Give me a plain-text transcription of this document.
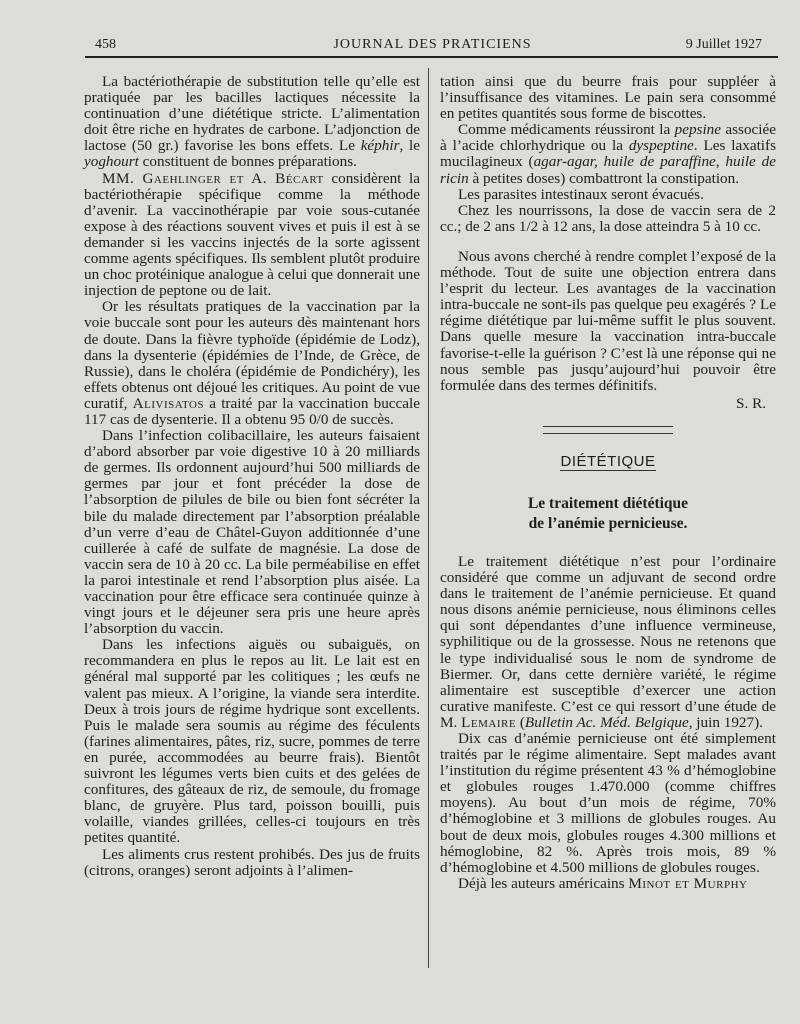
458	JOURNAL DES PRATICIENS	9 Juillet 1927

La bactériothérapie de substitution telle qu’elle est pratiquée par les bacilles lactiques nécessite la continuation d’une diététique stricte. L’alimentation doit être riche en hydrates de carbone. L’adjonction de lactose (50 gr.) favorise les bons effets. Le képhir, le yoghourt constituent de bonnes préparations.

MM. Gaehlinger et A. Bécart considèrent la bactériothérapie spécifique comme la méthode d’avenir. La vaccinothérapie par voie sous-cutanée expose à des réactions souvent vives et puis il est à se demander si les vaccins injectés de la sorte agissent comme agents spécifiques. Ils semblent plutôt produire un choc protéinique analogue à celui que donnerait une injection de peptone ou de lait.

Or les résultats pratiques de la vaccination par la voie buccale sont pour les auteurs dès maintenant hors de doute. Dans la fièvre typhoïde (épidémie de Lodz), dans la dysenterie (épidémies de l’Inde, de Grèce, de Russie), dans le choléra (épidémie de Pondichéry), les effets obtenus ont déjoué les critiques. Au point de vue curatif, Alivisatos a traité par la vaccination buccale 117 cas de dysenterie. Il a obtenu 95 0/0 de succès.

Dans l’infection colibacillaire, les auteurs faisaient d’abord absorber par voie digestive 10 à 20 milliards de germes. Ils ordonnent aujourd’hui 500 milliards de germes par jour et font précéder la dose de l’absorption de pilules de bile ou bien font sécréter la bile du malade directement par l’absorption préalable d’un verre d’eau de Châtel-Guyon additionnée d’une cuillerée à café de sulfate de magnésie. La dose de vaccin sera de 10 à 20 cc. La bile perméabilise en effet la paroi intestinale et rend l’absorption plus aisée. La vaccination pour être efficace sera continuée quinze à vingt jours et le déjeuner sera pris une heure après l’absorption du vaccin.

Dans les infections aiguës ou subaiguës, on recommandera en plus le repos au lit. Le lait est en général mal supporté par les colitiques ; les œufs ne valent pas mieux. A l’origine, la viande sera interdite. Deux à trois jours de régime hydrique sont excellents. Puis le malade sera soumis au régime des féculents (farines alimentaires, pâtes, riz, sucre, pommes de terre en purée, accommodées au beurre frais). Bientôt suivront les légumes verts bien cuits et des gelées de confitures, des gâteaux de riz, de semoule, du fromage blanc, de gruyère. Plus tard, poisson bouilli, puis volaille, viandes grillées, celles-ci toujours en très petites quantité.

Les aliments crus restent prohibés. Des jus de fruits (citrons, oranges) seront adjoints à l’alimen-

tation ainsi que du beurre frais pour suppléer à l’insuffisance des vitamines. Le pain sera consommé en petites quantités sous forme de biscottes.

Comme médicaments réussiront la pepsine associée à l’acide chlorhydrique ou la dyspeptine. Les laxatifs mucilagineux (agar-agar, huile de paraffine, huile de ricin à petites doses) combattront la constipation.

Les parasites intestinaux seront évacués.

Chez les nourrissons, la dose de vaccin sera de 2 cc.; de 2 ans 1/2 à 12 ans, la dose atteindra 5 à 10 cc.

Nous avons cherché à rendre complet l’exposé de la méthode. Tout de suite une objection entrera dans l’esprit du lecteur. Les avantages de la vaccination intra-buccale ne sont-ils pas quelque peu exagérés ? Le régime diététique par lui-même suffit le plus souvent. Dans quelle mesure la vaccination intra-buccale favorise-t-elle la guérison ? C’est là une réponse qui ne nous semble pas jusqu’aujourd’hui pouvoir être formulée dans des termes définitifs.

S. R.
DIÉTÉTIQUE
Le traitement diététique
de l’anémie pernicieuse.

Le traitement diététique n’est pour l’ordinaire considéré que comme un adjuvant de second ordre dans le traitement de l’anémie pernicieuse. Et quand nous disons anémie pernicieuse, nous éliminons celles qui sont dépendantes d’une influence vermineuse, syphilitique ou de la grossesse. Nous ne retenons que le type individualisé sous le nom de syndrome de Biermer. Or, dans cette dernière variété, le régime alimentaire est susceptible d’exercer une action curative manifeste. C’est ce qui ressort d’une étude de M. Lemaire (Bulletin Ac. Méd. Belgique, juin 1927).

Dix cas d’anémie pernicieuse ont été simplement traités par le régime alimentaire. Sept malades avant l’institution du régime présentent 43 % d’hémoglobine et globules rouges 1.470.000 (comme chiffres moyens). Au bout d’un mois de régime, 70% d’hémoglobine et 3 millions de globules rouges. Au bout de deux mois, globules rouges 4.300 millions et hémoglobine, 82 %. Après trois mois, 89 % d’hémoglobine et 4.500 millions de globules rouges.

Déjà les auteurs américains Minot et Murphy
